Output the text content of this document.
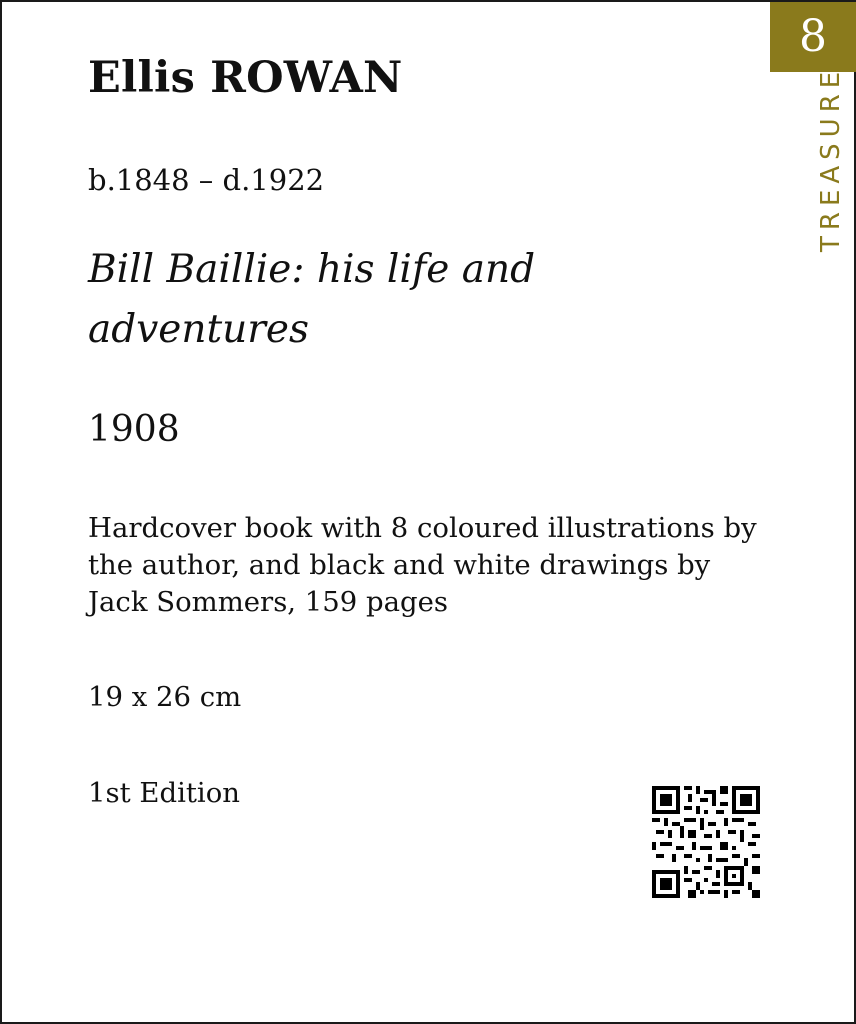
Ellis ROWAN
b.1848 – d.1922
Bill Baillie: his life and adventures
1908
Hardcover book with 8 coloured illustrations by the author, and black and white drawings by Jack Sommers, 159 pages
19 x 26 cm
1st Edition
8
TREASURE
